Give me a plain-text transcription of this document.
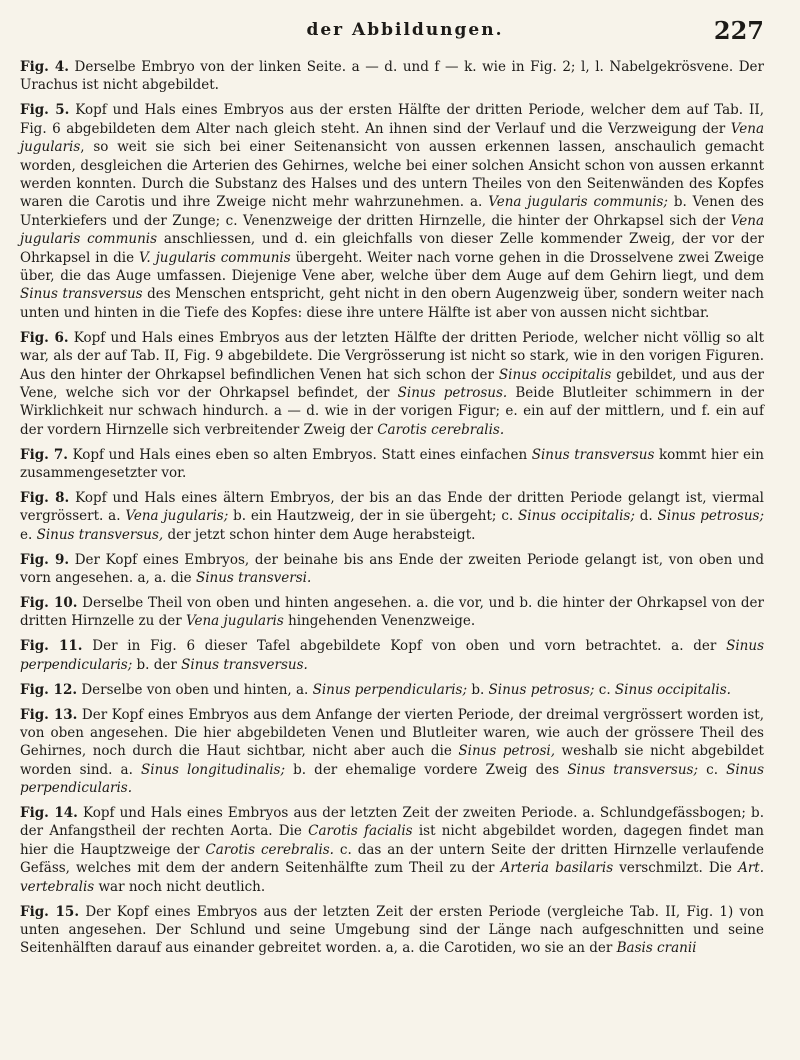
der Abbildungen.	227

Fig. 4. Derselbe Embryo von der linken Seite. a — d. und f — k. wie in Fig. 2; l, l. Nabelgekrösvene. Der Urachus ist nicht abgebildet.

Fig. 5. Kopf und Hals eines Embryos aus der ersten Hälfte der dritten Periode, welcher dem auf Tab. II, Fig. 6 abgebildeten dem Alter nach gleich steht. An ihnen sind der Verlauf und die Verzweigung der Vena jugularis, so weit sie sich bei einer Seitenansicht von aussen erkennen lassen, anschaulich gemacht worden, desgleichen die Arterien des Gehirnes, welche bei einer solchen Ansicht schon von aussen erkannt werden konnten. Durch die Substanz des Halses und des untern Theiles von den Seitenwänden des Kopfes waren die Carotis und ihre Zweige nicht mehr wahrzunehmen. a. Vena jugularis communis; b. Venen des Unterkiefers und der Zunge; c. Venenzweige der dritten Hirnzelle, die hinter der Ohrkapsel sich der Vena jugularis communis anschliessen, und d. ein gleichfalls von dieser Zelle kommender Zweig, der vor der Ohrkapsel in die V. jugularis communis übergeht. Weiter nach vorne gehen in die Drosselvene zwei Zweige über, die das Auge umfassen. Diejenige Vene aber, welche über dem Auge auf dem Gehirn liegt, und dem Sinus transversus des Menschen entspricht, geht nicht in den obern Augenzweig über, sondern weiter nach unten und hinten in die Tiefe des Kopfes: diese ihre untere Hälfte ist aber von aussen nicht sichtbar.

Fig. 6. Kopf und Hals eines Embryos aus der letzten Hälfte der dritten Periode, welcher nicht völlig so alt war, als der auf Tab. II, Fig. 9 abgebildete. Die Vergrösserung ist nicht so stark, wie in den vorigen Figuren. Aus den hinter der Ohrkapsel befindlichen Venen hat sich schon der Sinus occipitalis gebildet, und aus der Vene, welche sich vor der Ohrkapsel befindet, der Sinus petrosus. Beide Blutleiter schimmern in der Wirklichkeit nur schwach hindurch. a — d. wie in der vorigen Figur; e. ein auf der mittlern, und f. ein auf der vordern Hirnzelle sich verbreitender Zweig der Carotis cerebralis.

Fig. 7. Kopf und Hals eines eben so alten Embryos. Statt eines einfachen Sinus transversus kommt hier ein zusammengesetzter vor.

Fig. 8. Kopf und Hals eines ältern Embryos, der bis an das Ende der dritten Periode gelangt ist, viermal vergrössert. a. Vena jugularis; b. ein Hautzweig, der in sie übergeht; c. Sinus occipitalis; d. Sinus petrosus; e. Sinus transversus, der jetzt schon hinter dem Auge herabsteigt.

Fig. 9. Der Kopf eines Embryos, der beinahe bis ans Ende der zweiten Periode gelangt ist, von oben und vorn angesehen. a, a. die Sinus transversi.

Fig. 10. Derselbe Theil von oben und hinten angesehen. a. die vor, und b. die hinter der Ohrkapsel von der dritten Hirnzelle zu der Vena jugularis hingehenden Venenzweige.

Fig. 11. Der in Fig. 6 dieser Tafel abgebildete Kopf von oben und vorn betrachtet. a. der Sinus perpendicularis; b. der Sinus transversus.

Fig. 12. Derselbe von oben und hinten, a. Sinus perpendicularis; b. Sinus petrosus; c. Sinus occipitalis.

Fig. 13. Der Kopf eines Embryos aus dem Anfange der vierten Periode, der dreimal vergrössert worden ist, von oben angesehen. Die hier abgebildeten Venen und Blutleiter waren, wie auch der grössere Theil des Gehirnes, noch durch die Haut sichtbar, nicht aber auch die Sinus petrosi, weshalb sie nicht abgebildet worden sind. a. Sinus longitudinalis; b. der ehemalige vordere Zweig des Sinus transversus; c. Sinus perpendicularis.

Fig. 14. Kopf und Hals eines Embryos aus der letzten Zeit der zweiten Periode. a. Schlundgefässbogen; b. der Anfangstheil der rechten Aorta. Die Carotis facialis ist nicht abgebildet worden, dagegen findet man hier die Hauptzweige der Carotis cerebralis. c. das an der untern Seite der dritten Hirnzelle verlaufende Gefäss, welches mit dem der andern Seitenhälfte zum Theil zu der Arteria basilaris verschmilzt. Die Art. vertebralis war noch nicht deutlich.

Fig. 15. Der Kopf eines Embryos aus der letzten Zeit der ersten Periode (vergleiche Tab. II, Fig. 1) von unten angesehen. Der Schlund und seine Umgebung sind der Länge nach aufgeschnitten und seine Seitenhälften darauf aus einander gebreitet worden. a, a. die Carotiden, wo sie an der Basis cranii
